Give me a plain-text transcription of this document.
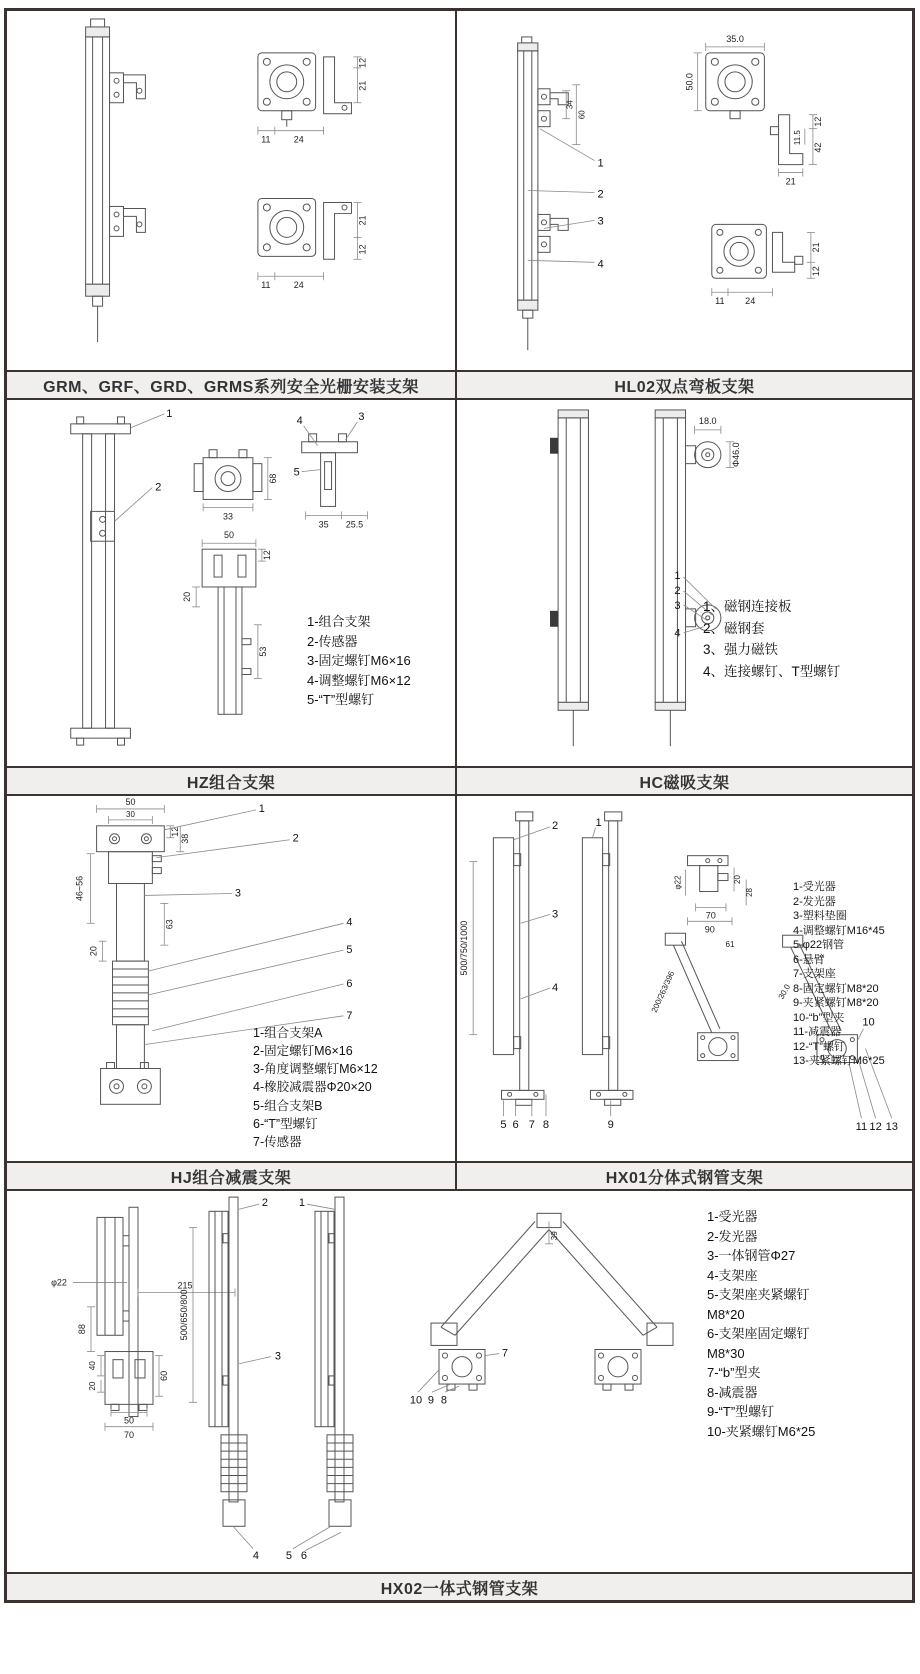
12
21
11	24
21
12
11	24
GRM、GRF、GRD、GRMS系列安全光栅安装支架
34
60
1
2
3
4
35.0
50.0
12
42
11.5
21
11 24
21
12
HL02双点弯板支架
1
2
33
68
3
4
5
35 25.5
50
12
20
53
1-组合支架
2-传感器
3-固定螺钉M6×16
4-调整螺钉M6×12
5-“T”型螺钉
HZ组合支架
18.0
Φ46.0
1
2
3
4
1、磁钢连接板
2、磁钢套
3、强力磁铁
4、连接螺钉、T型螺钉
HC磁吸支架
50
30
12
38
46~56
20
63
1
2
3
4
5
6
7
1-组合支架A
2-固定螺钉M6×16
3-角度调整螺钉M6×12
4-橡胶减震器Φ20×20
5-组合支架B
6-“T”型螺钉
7-传感器
HJ组合减震支架
500/750/1000
2	1
3
4
5 6 7 8	9
φ22	20
28
70
90
200/263/396
61
30.0
10
11 12 13
1-受光器
2-发光器
3-塑料垫圈
4-调整螺钉M16*45
5-φ22钢管
6-悬臂
7-支架座
8-固定螺钉M8*20
9-夹紧螺钉M8*20
10-“b”型夹
11-减震器
12-“T”螺钉
13-夹紧螺钉M6*25
HX01分体式钢管支架
φ22	215
88
40
20
60
50
70
500/650/800
2	1
3
4 5 6
39
7
10 9 8
1-受光器
2-发光器
3-一体钢管Φ27
4-支架座
5-支架座夹紧螺钉
M8*20
6-支架座固定螺钉
M8*30
7-“b”型夹
8-减震器
9-“T”型螺钉
10-夹紧螺钉M6*25
HX02一体式钢管支架
